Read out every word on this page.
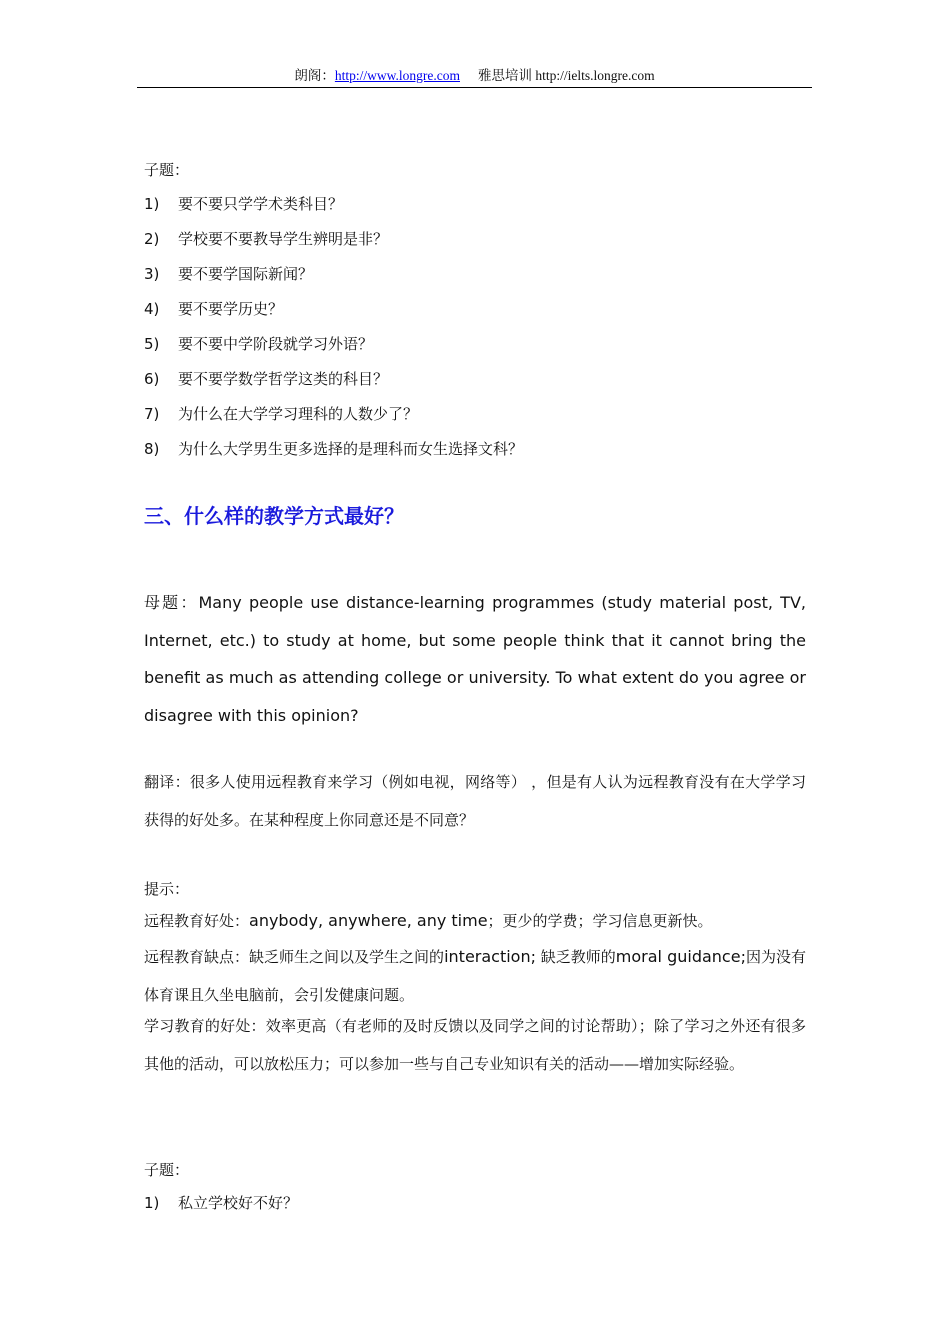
朗阁：http://www.longre.com 雅思培训 http://ielts.longre.com
子题：
1) 要不要只学学术类科目？
2) 学校要不要教导学生辨明是非？
3) 要不要学国际新闻？
4) 要不要学历史？
5) 要不要中学阶段就学习外语？
6) 要不要学数学哲学这类的科目？
7) 为什么在大学学习理科的人数少了？
8) 为什么大学男生更多选择的是理科而女生选择文科？
三、什么样的教学方式最好？
母题：Many people use distance-learning programmes (study material post, TV, Internet, etc.) to study at home, but some people think that it cannot bring the benefit as much as attending college or university. To what extent do you agree or disagree with this opinion?
翻译：很多人使用远程教育来学习（例如电视，网络等） ，但是有人认为远程教育没有在大学学习获得的好处多。在某种程度上你同意还是不同意？
提示：
远程教育好处：anybody, anywhere, any time；更少的学费；学习信息更新快。
远程教育缺点：缺乏师生之间以及学生之间的interaction; 缺乏教师的moral guidance;因为没有体育课且久坐电脑前，会引发健康问题。
学习教育的好处：效率更高（有老师的及时反馈以及同学之间的讨论帮助）；除了学习之外还有很多其他的活动，可以放松压力；可以参加一些与自己专业知识有关的活动——增加实际经验。
子题：
1) 私立学校好不好？
